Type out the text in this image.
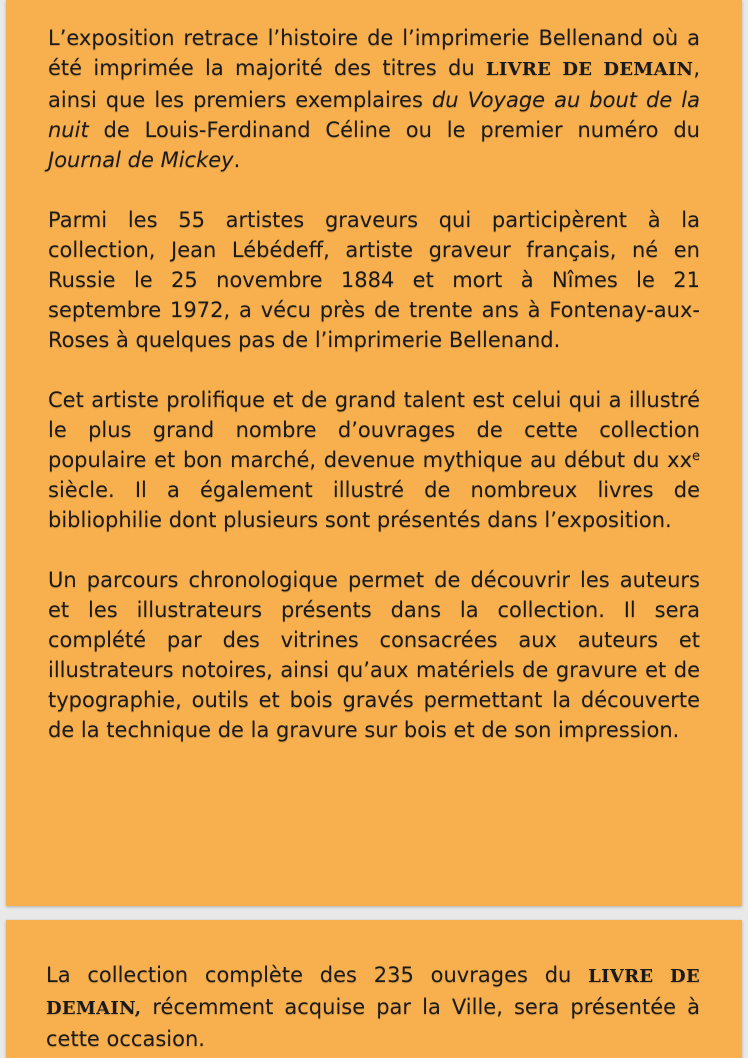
L’exposition retrace l’histoire de l’imprimerie Bellenand où a été imprimée la majorité des titres du LIVRE DE DEMAIN, ainsi que les premiers exemplaires du Voyage au bout de la nuit de Louis-Ferdinand Céline ou le premier numéro du Journal de Mickey.

Parmi les 55 artistes graveurs qui participèrent à la collection, Jean Lébédeff, artiste graveur français, né en Russie le 25 novembre 1884 et mort à Nîmes le 21 septembre 1972, a vécu près de trente ans à Fontenay-aux-Roses à quelques pas de l’imprimerie Bellenand.

Cet artiste prolifique et de grand talent est celui qui a illustré le plus grand nombre d’ouvrages de cette collection populaire et bon marché, devenue mythique au début du $xx^e$ siècle. Il a également illustré de nombreux livres de bibliophilie dont plusieurs sont présentés dans l’exposition.

Un parcours chronologique permet de découvrir les auteurs et les illustrateurs présents dans la collection. Il sera complété par des vitrines consacrées aux auteurs et illustrateurs notoires, ainsi qu’aux matériels de gravure et de typographie, outils et bois gravés permettant la découverte de la technique de la gravure sur bois et de son impression.

La collection complète des 235 ouvrages du LIVRE DE DEMAIN, récemment acquise par la Ville, sera présentée à cette occasion.
